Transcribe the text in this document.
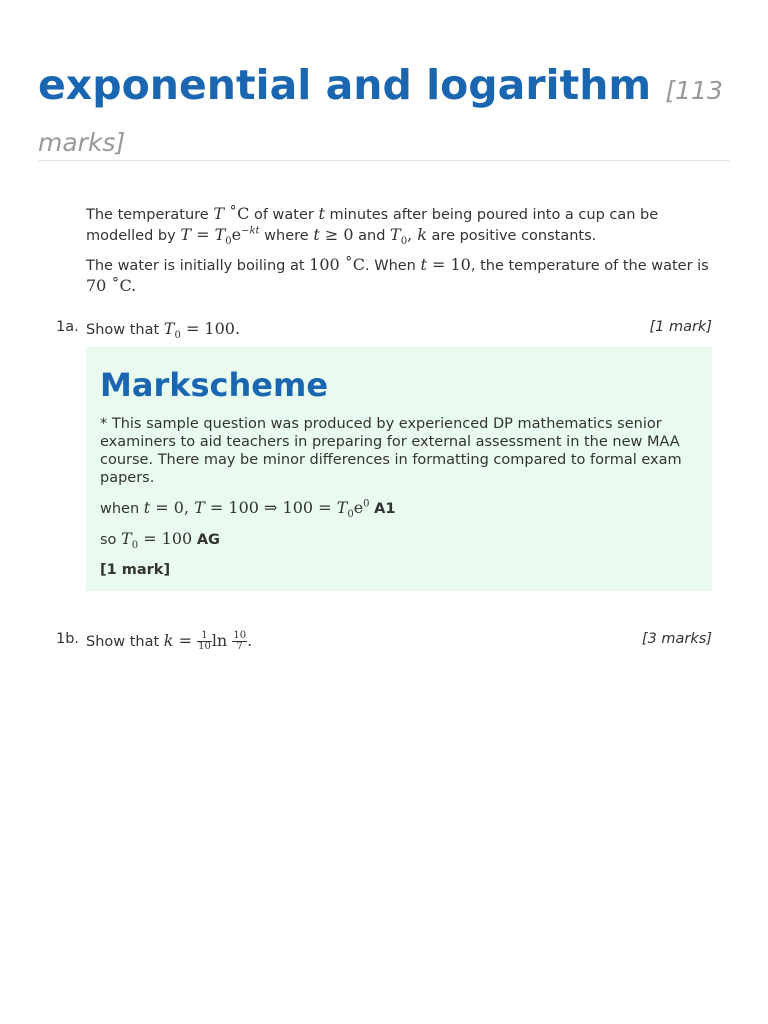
exponential and logarithm [113 marks]

The temperature T ˚C of water t minutes after being poured into a cup can be modelled by $T = T_0e^{-kt}$ where t ≥ 0 and $T_0$, k are positive constants.

The water is initially boiling at 100 ˚C. When t = 10, the temperature of the water is 70 ˚C.

1a. Show that $T_0 = 100$.	[1 mark]
Markscheme

* This sample question was produced by experienced DP mathematics senior examiners to aid teachers in preparing for external assessment in the new MAA course. There may be minor differences in formatting compared to formal exam papers.

when t = 0, T = 100 ⇒ $100 = T_0e^0$ A1

so $T_0 = 100$ AG

[1 mark]

1b. Show that $k = \frac{1}{10}$ $\ln \frac{10}{7}$ .	[3 marks]
